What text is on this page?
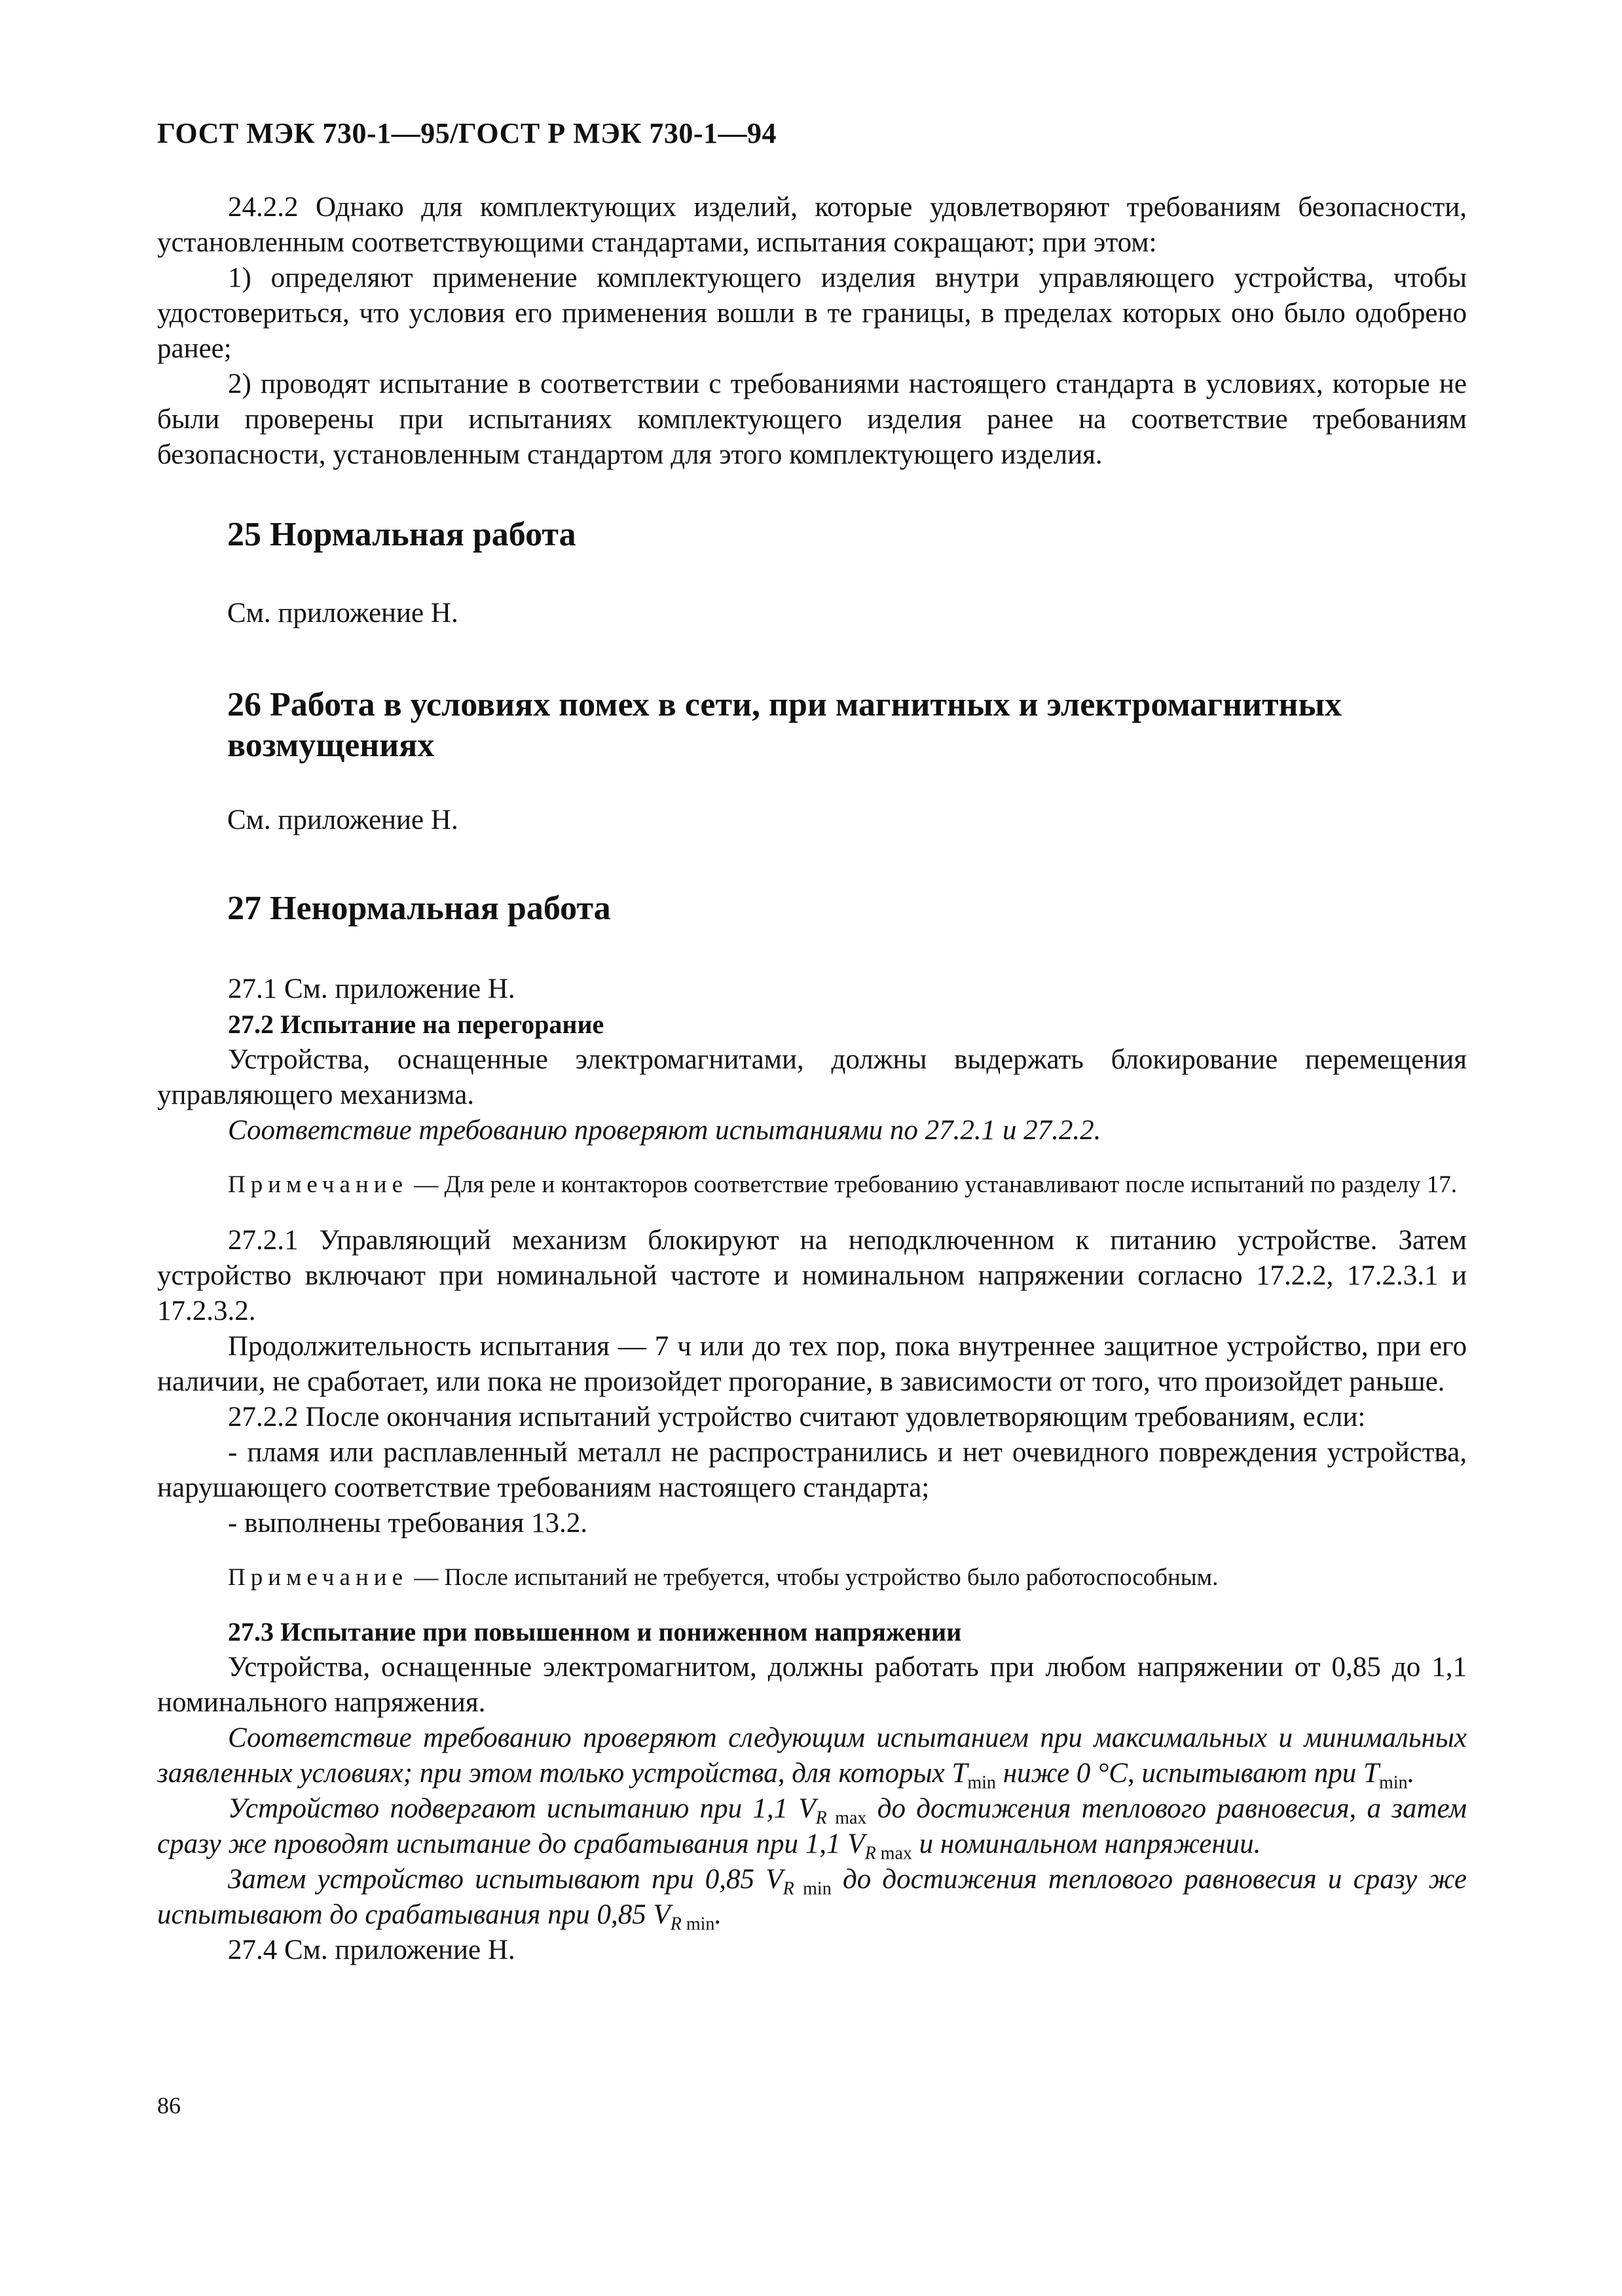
ГОСТ МЭК 730-1—95/ГОСТ Р МЭК 730-1—94

24.2.2 Однако для комплектующих изделий, которые удовлетворяют требованиям безопасности, установленным соответствующими стандартами, испытания сокращают; при этом:

1) определяют применение комплектующего изделия внутри управляющего устройства, чтобы удостовериться, что условия его применения вошли в те границы, в пределах которых оно было одобрено ранее;

2) проводят испытание в соответствии с требованиями настоящего стандарта в условиях, которые не были проверены при испытаниях комплектующего изделия ранее на соответствие требованиям безопасности, установленным стандартом для этого комплектующего изделия.

25 Нормальная работа

См. приложение Н.

26 Работа в условиях помех в сети, при магнитных и электромагнитных возмущениях

См. приложение Н.

27 Ненормальная работа

27.1 См. приложение Н.

27.2 Испытание на перегорание

Устройства, оснащенные электромагнитами, должны выдержать блокирование перемещения управляющего механизма.

Соответствие требованию проверяют испытаниями по 27.2.1 и 27.2.2.

Примечание — Для реле и контакторов соответствие требованию устанавливают после испытаний по разделу 17.

27.2.1 Управляющий механизм блокируют на неподключенном к питанию устройстве. Затем устройство включают при номинальной частоте и номинальном напряжении согласно 17.2.2, 17.2.3.1 и 17.2.3.2.

Продолжительность испытания — 7 ч или до тех пор, пока внутреннее защитное устройство, при его наличии, не сработает, или пока не произойдет прогорание, в зависимости от того, что произойдет раньше.

27.2.2 После окончания испытаний устройство считают удовлетворяющим требованиям, если:

- пламя или расплавленный металл не распространились и нет очевидного повреждения устройства, нарушающего соответствие требованиям настоящего стандарта;

- выполнены требования 13.2.

Примечание — После испытаний не требуется, чтобы устройство было работоспособным.

27.3 Испытание при повышенном и пониженном напряжении

Устройства, оснащенные электромагнитом, должны работать при любом напряжении от 0,85 до 1,1 номинального напряжения.

Соответствие требованию проверяют следующим испытанием при максимальных и минимальных заявленных условиях; при этом только устройства, для которых $T_{min}$ ниже 0 °С, испытывают при $T_{min}$.

Устройство подвергают испытанию при 1,1 $V_{R max}$ до достижения теплового равновесия, а затем сразу же проводят испытание до срабатывания при 1,1 $V_{R max}$ и номинальном напряжении.

Затем устройство испытывают при 0,85 $V_{R min}$ до достижения теплового равновесия и сразу же испытывают до срабатывания при 0,85 $V_{R min}$.

27.4 См. приложение Н.

86
